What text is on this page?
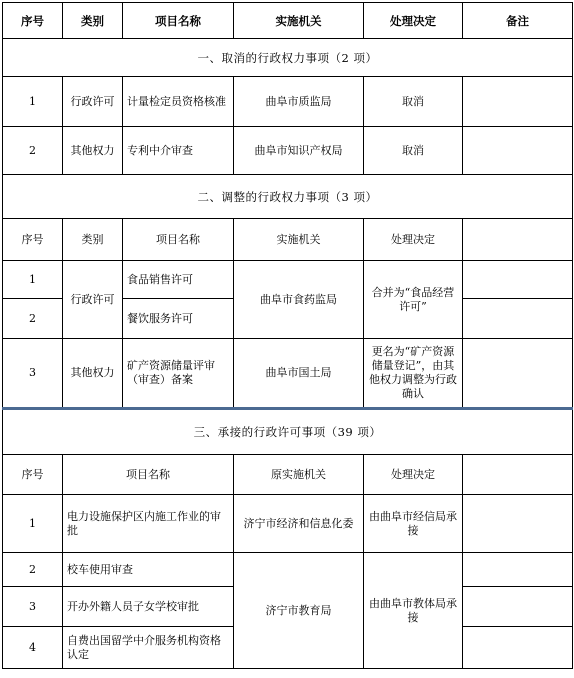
序号	类别	项目名称	实施机关	处理决定	备注
一、取消的行政权力事项（2 项）					
1	行政许可	计量检定员资格核准	曲阜市质监局	取消	
2	其他权力	专利中介审查	曲阜市知识产权局	取消	
二、调整的行政权力事项（3 项）					
序号	类别	项目名称	实施机关	处理决定	
1	行政许可	食品销售许可	曲阜市食药监局	合并为“食品经营许可”	
2		餐饮服务许可			
3	其他权力	矿产资源储量评审（审查）备案	曲阜市国土局	更名为“矿产资源储量登记”，由其他权力调整为行政确认	
三、承接的行政许可事项（39 项）					
序号	项目名称		原实施机关	处理决定	
1	电力设施保护区内施工作业的审批		济宁市经济和信息化委	由曲阜市经信局承接	
2	校车使用审查		济宁市教育局	由曲阜市教体局承接	
3	开办外籍人员子女学校审批				
4	自费出国留学中介服务机构资格认定				
